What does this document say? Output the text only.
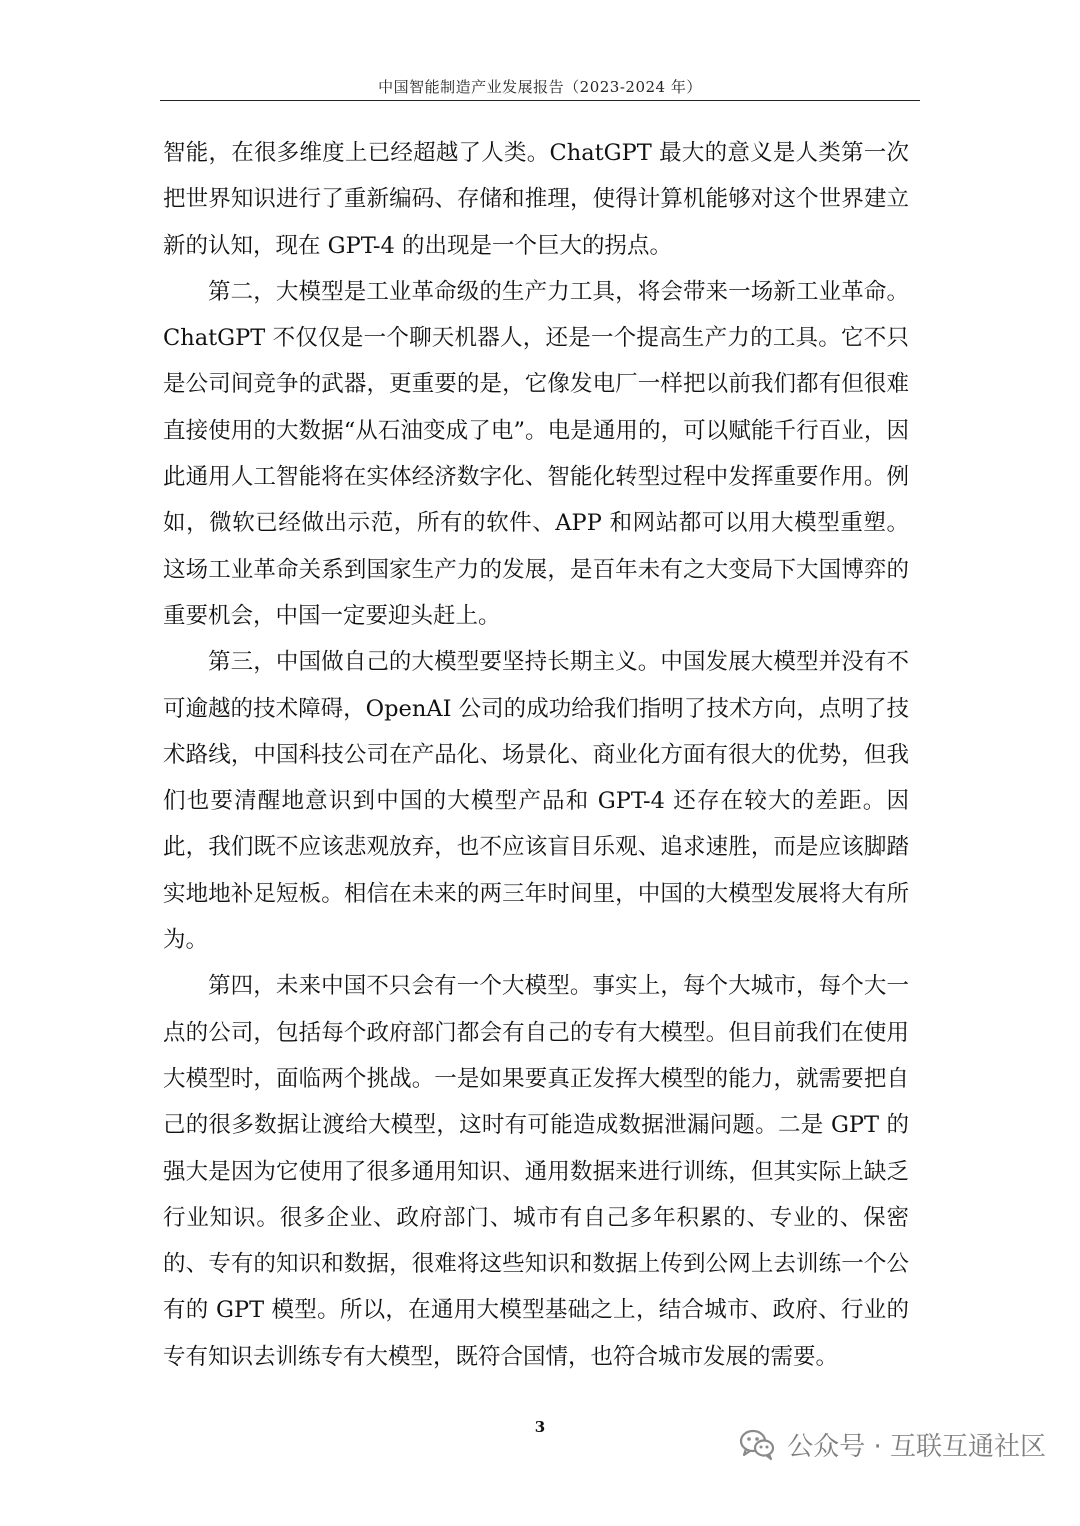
中国智能制造产业发展报告（2023-2024 年）

智能，在很多维度上已经超越了人类。ChatGPT 最大的意义是人类第一次把世界知识进行了重新编码、存储和推理，使得计算机能够对这个世界建立新的认知，现在 GPT-4 的出现是一个巨大的拐点。

第二，大模型是工业革命级的生产力工具，将会带来一场新工业革命。ChatGPT 不仅仅是一个聊天机器人，还是一个提高生产力的工具。它不只是公司间竞争的武器，更重要的是，它像发电厂一样把以前我们都有但很难直接使用的大数据“从石油变成了电”。电是通用的，可以赋能千行百业，因此通用人工智能将在实体经济数字化、智能化转型过程中发挥重要作用。例如，微软已经做出示范，所有的软件、APP 和网站都可以用大模型重塑。这场工业革命关系到国家生产力的发展，是百年未有之大变局下大国博弈的重要机会，中国一定要迎头赶上。

第三，中国做自己的大模型要坚持长期主义。中国发展大模型并没有不可逾越的技术障碍，OpenAI 公司的成功给我们指明了技术方向，点明了技术路线，中国科技公司在产品化、场景化、商业化方面有很大的优势，但我们也要清醒地意识到中国的大模型产品和 GPT-4 还存在较大的差距。因此，我们既不应该悲观放弃，也不应该盲目乐观、追求速胜，而是应该脚踏实地地补足短板。相信在未来的两三年时间里，中国的大模型发展将大有所为。

第四，未来中国不只会有一个大模型。事实上，每个大城市，每个大一点的公司，包括每个政府部门都会有自己的专有大模型。但目前我们在使用大模型时，面临两个挑战。一是如果要真正发挥大模型的能力，就需要把自己的很多数据让渡给大模型，这时有可能造成数据泄漏问题。二是 GPT 的强大是因为它使用了很多通用知识、通用数据来进行训练，但其实际上缺乏行业知识。很多企业、政府部门、城市有自己多年积累的、专业的、保密的、专有的知识和数据，很难将这些知识和数据上传到公网上去训练一个公有的 GPT 模型。所以，在通用大模型基础之上，结合城市、政府、行业的专有知识去训练专有大模型，既符合国情，也符合城市发展的需要。

3
公众号 · 互联互通社区
